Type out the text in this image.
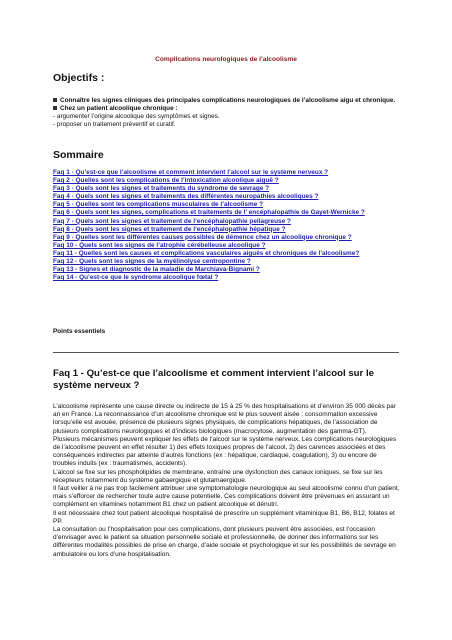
Complications neurologiques de l’alcoolisme
Objectifs :
Connaître les signes cliniques des principales complications neurologiques de l’alcoolisme aigu et chronique.
Chez un patient alcoolique chronique :
- argumenter l’origine alcoolique des symptômes et signes.
- proposer un traitement préventif et curatif.
Sommaire
Faq 1 - Qu’est-ce que l’alcoolisme et comment intervient l’alcool sur le système nerveux ?
Faq 2 - Quelles sont les complications de l’intoxication alcoolique aiguë ?
Faq 3 - Quels sont les signes et traitements du syndrome de sevrage ?
Faq 4 - Quels sont les signes et traitements des différentes neuropathies alcooliques ?
Faq 5 - Quelles sont les complications musculaires de l’alcoolisme ?
Faq 6 - Quels sont les signes, complications et traitements de l’ encéphalopathie de Gayet-Wernicke ?
Faq 7 - Quels sont les signes et traitement de l’encéphalopathie pellagreuse ?
Faq 8 - Quels sont les signes et traitement de l’encéphalopathie hépatique ?
Faq 9 - Quelles sont les différentes causes possibles de démence chez un alcoolique chronique ?
Faq 10 - Quels sont les signes de l’atrophie cérébelleuse alcoolique ?
Faq 11 - Quelles sont les causes et complications vasculaires aiguës et chroniques de l’alcoolisme?
Faq 12 - Quels sont les signes de la myélinolyse centropontine ?
Faq 13 - Signes et diagnostic de la maladie de Marchiava-Bignami ?
Faq 14 - Qu’est-ce que le syndrome alcoolique fœtal ?
Points essentiels
Faq 1 - Qu’est-ce que l’alcoolisme et comment intervient l’alcool sur le système nerveux ?

L’alcoolisme représente une cause directe ou indirecte de 15 à 25 % des hospitalisations et d’environ 35 000 décès par an en France. La reconnaissance d’un alcoolisme chronique est le plus souvent aisée : consommation excessive lorsqu’elle est avouée, présence de plusieurs signes physiques, de complications hépatiques, de l’association de plusieurs complications neurologiques et d’indices biologiques (macrocytose, augmentation des gamma-GT).

Plusieurs mécanismes peuvent expliquer les effets de l’alcool sur le système nerveux. Les complications neurologiques de l’alcoolisme peuvent en effet résulter 1) des effets toxiques propres de l’alcool, 2) des carences associées et des conséquences indirectes par atteinte d’autres fonctions (ex : hépatique, cardiaque, coagulation), 3) ou encore de troubles induits (ex : traumatismes, accidents).

L’alcool se fixe sur les phospholipides de membrane, entraîne une dysfonction des canaux ioniques, se fixe sur les récepteurs notamment du système gabaergique et glutamaergique.

Il faut veiller à ne pas trop facilement attribuer une symptomatologie neurologique au seul alcoolisme connu d’un patient, mais s’efforcer de rechercher toute autre cause potentielle. Ces complications doivent être prévenues en assurant un complément en vitamines notamment B1 chez un patient alcoolique et dénutri.

Il est nécessaire chez tout patient alcoolique hospitalisé de prescrire un supplément vitaminique B1, B6, B12, folates et PP.

La consultation ou l’hospitalisation pour ces complications, dont plusieurs peuvent être associées, est l’occasion d’envisager avec le patient sa situation personnelle sociale et professionnelle, de donner des informations sur les différentes modalités possibles de prise en charge, d’aide sociale et psychologique et sur les possibilités de sevrage en ambulatoire ou lors d’une hospitalisation.
